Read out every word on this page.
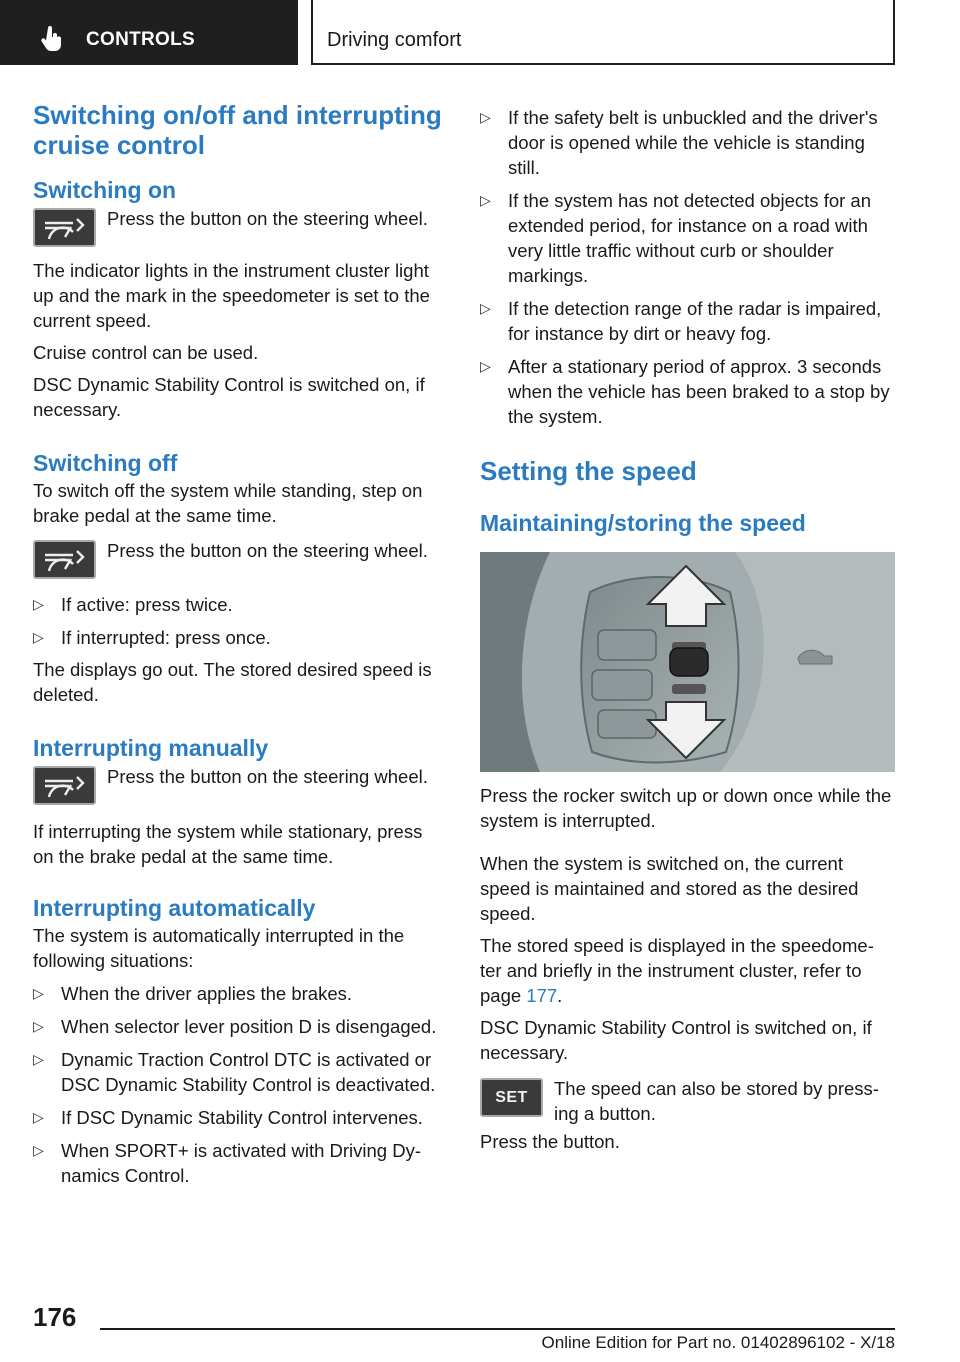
CONTROLS	Driving comfort
Switching on/off and interrupting cruise control
Switching on

Press the button on the steering wheel.

The indicator lights in the instrument cluster light up and the mark in the speedometer is set to the current speed.

Cruise control can be used.

DSC Dynamic Stability Control is switched on, if necessary.

Switching off

To switch off the system while standing, step on brake pedal at the same time.

Press the button on the steering wheel.

▷ If active: press twice.
▷ If interrupted: press once.

The displays go out. The stored desired speed is deleted.

Interrupting manually

Press the button on the steering wheel.

If interrupting the system while stationary, press on the brake pedal at the same time.

Interrupting automatically

The system is automatically interrupted in the following situations:

▷ When the driver applies the brakes.
▷ When selector lever position D is disengaged.
▷ Dynamic Traction Control DTC is activated or DSC Dynamic Stability Control is deactivated.
▷ If DSC Dynamic Stability Control intervenes.
▷ When SPORT+ is activated with Driving Dy‐namics Control.
▷ If the safety belt is unbuckled and the driver's door is opened while the vehicle is standing still.
▷ If the system has not detected objects for an extended period, for instance on a road with very little traffic without curb or shoulder markings.
▷ If the detection range of the radar is impaired, for instance by dirt or heavy fog.
▷ After a stationary period of approx. 3 seconds when the vehicle has been braked to a stop by the system.
Setting the speed
Maintaining/storing the speed

Press the rocker switch up or down once while the system is interrupted.

When the system is switched on, the current speed is maintained and stored as the desired speed.

The stored speed is displayed in the speedome‐ter and briefly in the instrument cluster, refer to page 177.

DSC Dynamic Stability Control is switched on, if necessary.

SET	The speed can also be stored by press‐ing a button.

Press the button.

176
Online Edition for Part no. 01402896102 - X/18
